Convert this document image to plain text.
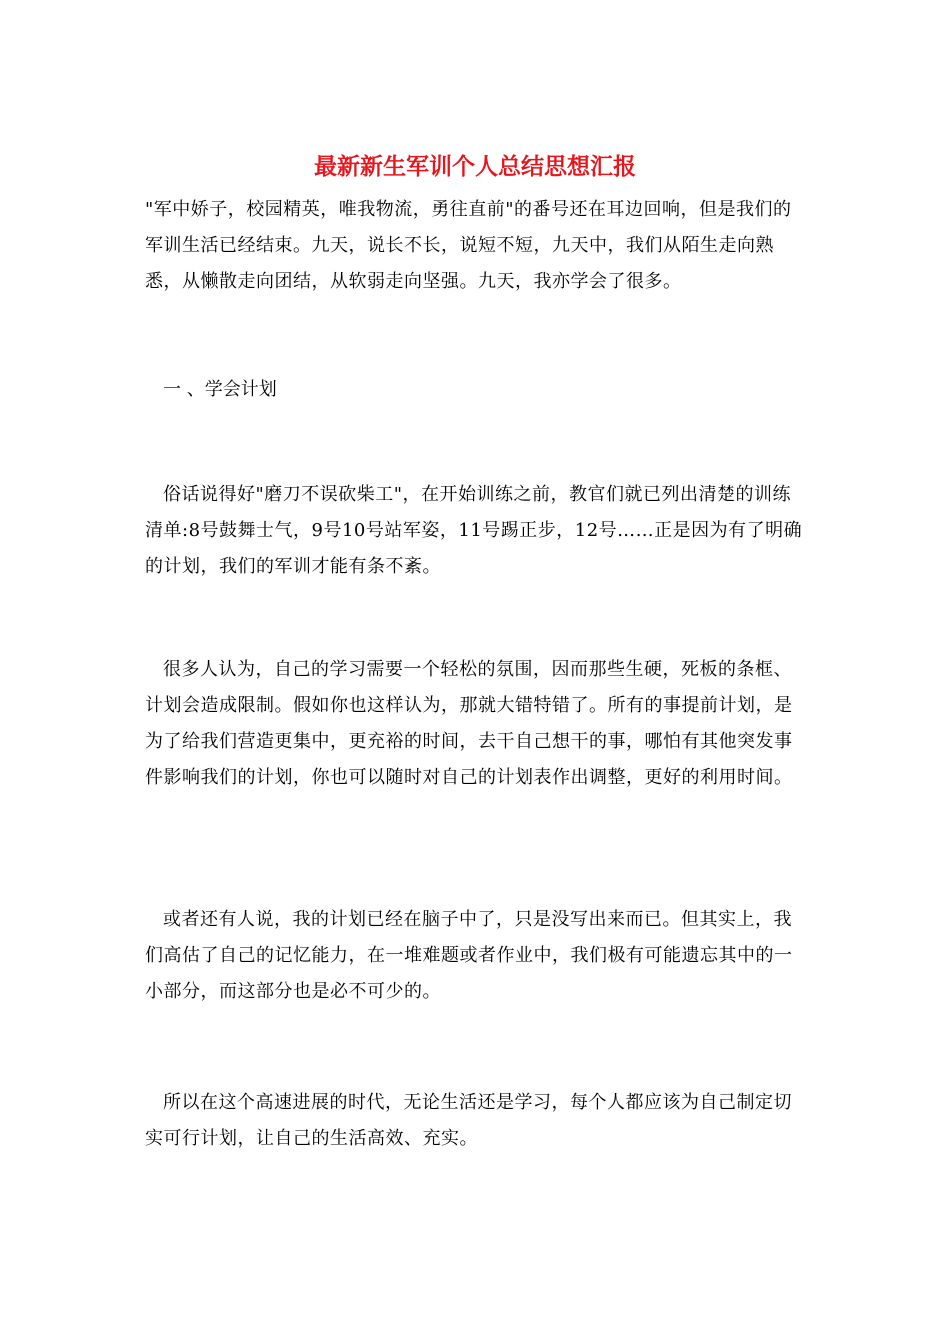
最新新生军训个人总结思想汇报

"军中娇子，校园精英，唯我物流，勇往直前"的番号还在耳边回响，但是我们的军训生活已经结束。九天，说长不长，说短不短，九天中，我们从陌生走向熟悉，从懒散走向团结，从软弱走向坚强。九天，我亦学会了很多。

一 、学会计划

俗话说得好"磨刀不误砍柴工"，在开始训练之前，教官们就已列出清楚的训练清单:8号鼓舞士气，9号10号站军姿，11号踢正步，12号……正是因为有了明确的计划，我们的军训才能有条不紊。

很多人认为，自己的学习需要一个轻松的氛围，因而那些生硬，死板的条框、计划会造成限制。假如你也这样认为，那就大错特错了。所有的事提前计划，是为了给我们营造更集中，更充裕的时间，去干自己想干的事，哪怕有其他突发事件影响我们的计划，你也可以随时对自己的计划表作出调整，更好的利用时间。

或者还有人说，我的计划已经在脑子中了，只是没写出来而已。但其实上，我们高估了自己的记忆能力，在一堆难题或者作业中，我们极有可能遗忘其中的一小部分，而这部分也是必不可少的。

所以在这个高速进展的时代，无论生活还是学习，每个人都应该为自己制定切实可行计划，让自己的生活高效、充实。
